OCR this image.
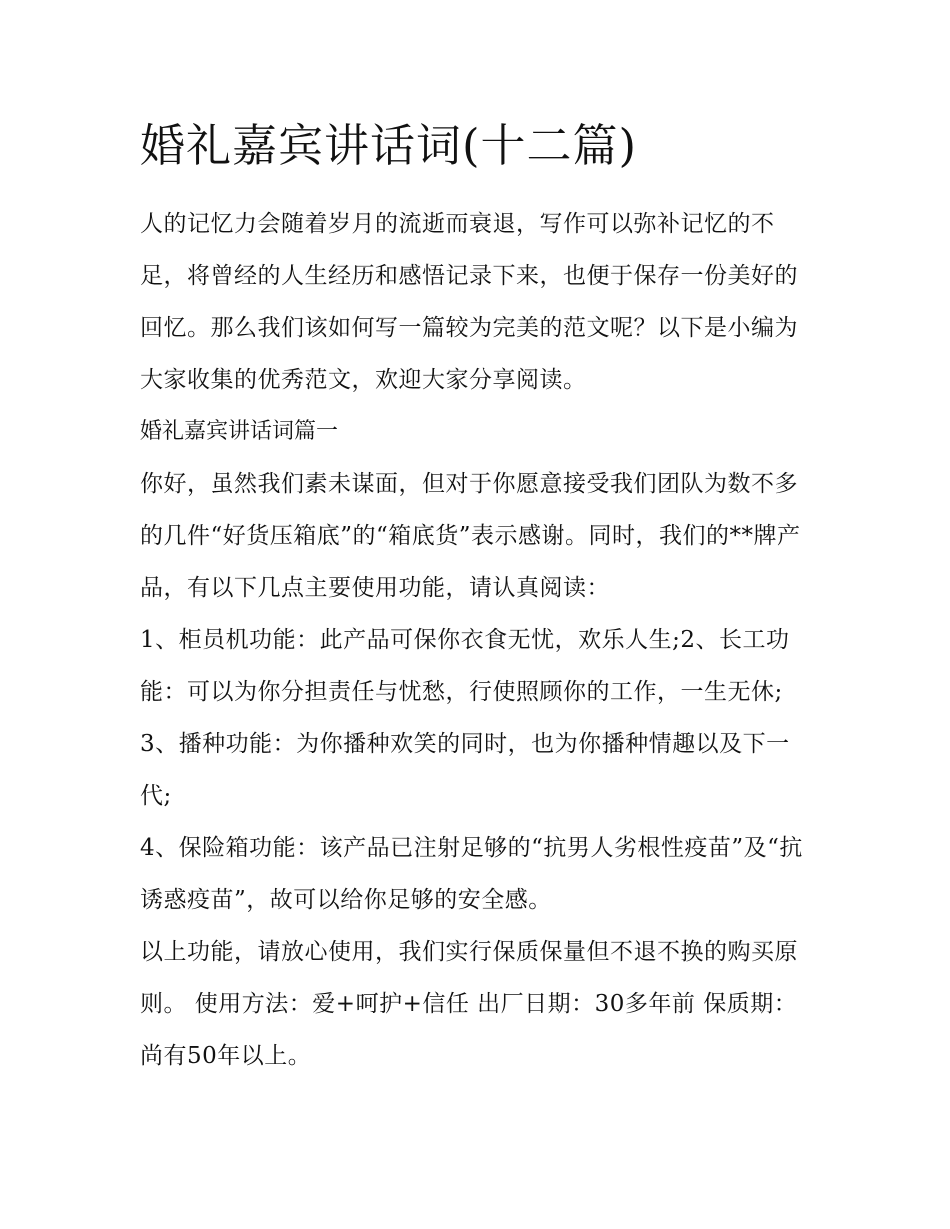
婚礼嘉宾讲话词(十二篇)

人的记忆力会随着岁月的流逝而衰退，写作可以弥补记忆的不足，将曾经的人生经历和感悟记录下来，也便于保存一份美好的回忆。那么我们该如何写一篇较为完美的范文呢？以下是小编为大家收集的优秀范文，欢迎大家分享阅读。

婚礼嘉宾讲话词篇一

你好，虽然我们素未谋面，但对于你愿意接受我们团队为数不多的几件“好货压箱底”的“箱底货”表示感谢。同时，我们的**牌产品，有以下几点主要使用功能，请认真阅读：

1、柜员机功能：此产品可保你衣食无忧，欢乐人生;2、长工功能：可以为你分担责任与忧愁，行使照顾你的工作，一生无休;

3、播种功能：为你播种欢笑的同时，也为你播种情趣以及下一代;

4、保险箱功能：该产品已注射足够的“抗男人劣根性疫苗”及“抗诱惑疫苗”，故可以给你足够的安全感。

以上功能，请放心使用，我们实行保质保量但不退不换的购买原则。 使用方法：爱+呵护+信任 出厂日期：30多年前 保质期：尚有50年以上。
